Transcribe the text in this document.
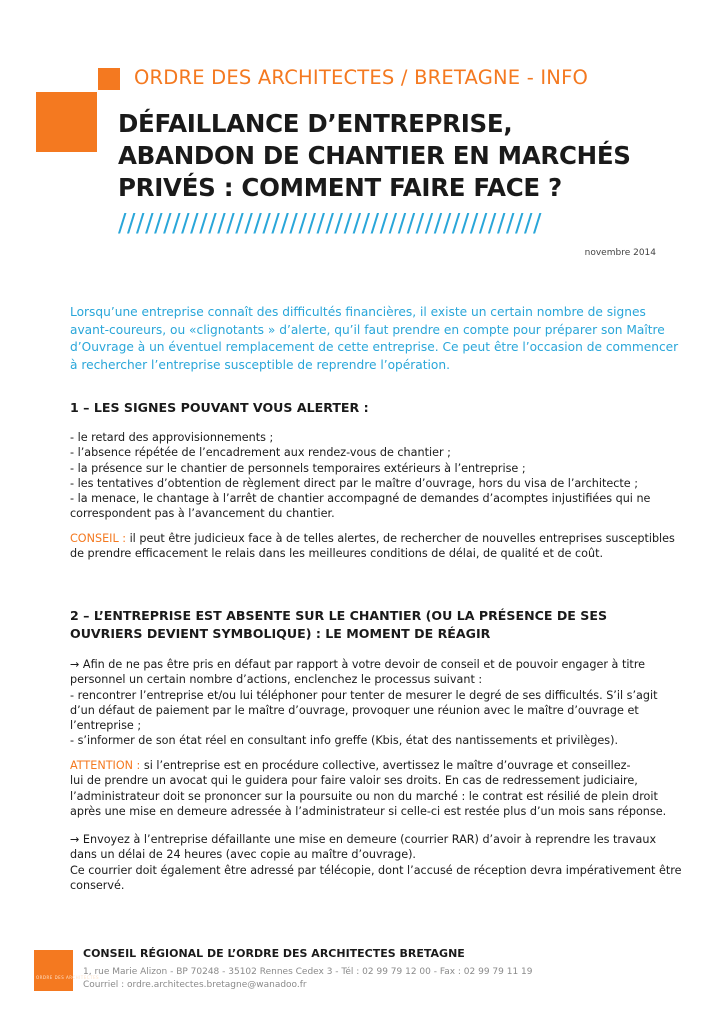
ORDRE DES ARCHITECTES / BRETAGNE - INFO
DÉFAILLANCE D’ENTREPRISE,
ABANDON DE CHANTIER EN MARCHÉS
PRIVÉS : COMMENT FAIRE FACE ?
///////////////////////////////////////////////
novembre 2014
Lorsqu’une entreprise connaît des difficultés financières, il existe un certain nombre de signes
avant-coureurs, ou «clignotants » d’alerte, qu’il faut prendre en compte pour préparer son Maître
d’Ouvrage à un éventuel remplacement de cette entreprise. Ce peut être l’occasion de commencer
à rechercher l’entreprise susceptible de reprendre l’opération.
1 – LES SIGNES POUVANT VOUS ALERTER :
- le retard des approvisionnements ;
- l’absence répétée de l’encadrement aux rendez-vous de chantier ;
- la présence sur le chantier de personnels temporaires extérieurs à l’entreprise ;
- les tentatives d’obtention de règlement direct par le maître d’ouvrage, hors du visa de l’architecte ;
- la menace, le chantage à l’arrêt de chantier accompagné de demandes d’acomptes injustifiées qui ne
correspondent pas à l’avancement du chantier.
CONSEIL : il peut être judicieux face à de telles alertes, de rechercher de nouvelles entreprises susceptibles
de prendre efficacement le relais dans les meilleures conditions de délai, de qualité et de coût.
2 – L’ENTREPRISE EST ABSENTE SUR LE CHANTIER (OU LA PRÉSENCE DE SES
OUVRIERS DEVIENT SYMBOLIQUE) : LE MOMENT DE RÉAGIR
→ Afin de ne pas être pris en défaut par rapport à votre devoir de conseil et de pouvoir engager à titre
personnel un certain nombre d’actions, enclenchez le processus suivant :
- rencontrer l’entreprise et/ou lui téléphoner pour tenter de mesurer le degré de ses difficultés. S’il s’agit
d’un défaut de paiement par le maître d’ouvrage, provoquer une réunion avec le maître d’ouvrage et
l’entreprise ;
- s’informer de son état réel en consultant info greffe (Kbis, état des nantissements et privilèges).
ATTENTION : si l’entreprise est en procédure collective, avertissez le maître d’ouvrage et conseillez-
lui de prendre un avocat qui le guidera pour faire valoir ses droits. En cas de redressement judiciaire,
l’administrateur doit se prononcer sur la poursuite ou non du marché : le contrat est résilié de plein droit
après une mise en demeure adressée à l’administrateur si celle-ci est restée plus d’un mois sans réponse.
→ Envoyez à l’entreprise défaillante une mise en demeure (courrier RAR) d’avoir à reprendre les travaux
dans un délai de 24 heures (avec copie au maître d’ouvrage).
Ce courrier doit également être adressé par télécopie, dont l’accusé de réception devra impérativement être
conservé.
ORDRE DES ARCHITECTES
CONSEIL RÉGIONAL DE L’ORDRE DES ARCHITECTES BRETAGNE
1, rue Marie Alizon - BP 70248 - 35102 Rennes Cedex 3 - Tél : 02 99 79 12 00 - Fax : 02 99 79 11 19
Courriel : ordre.architectes.bretagne@wanadoo.fr
